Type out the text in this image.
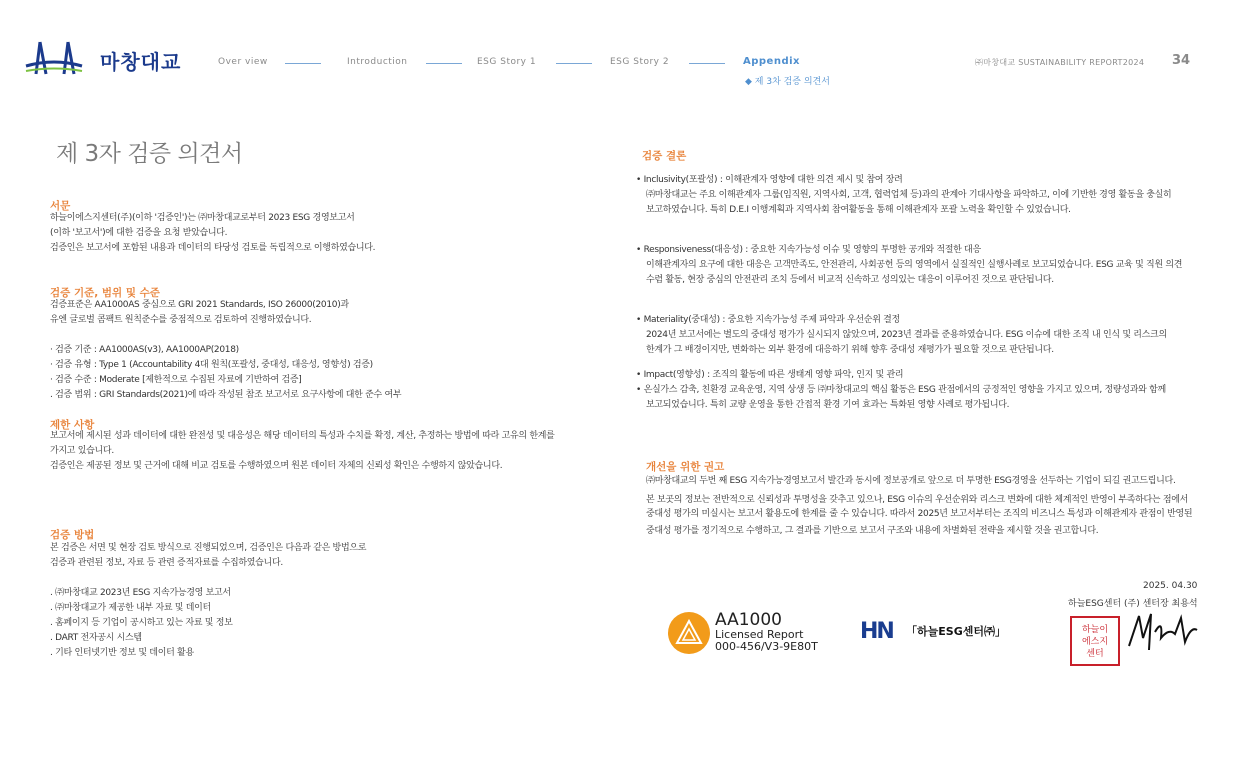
마창대교	Over view	Introduction	ESG Story 1	ESG Story 2	Appendix
◆ 제 3차 검증 의견서
㈜마창대교 SUSTAINABILITY REPORT2024 34
제 3자 검증 의견서
서문

하늘이에스지센터(주)(이하 '검증인')는 ㈜마창대교로부터 2023 ESG 경영보고서

(이하 '보고서')에 대한 검증을 요청 받았습니다.

검증인은 보고서에 포함된 내용과 데이터의 타당성 검토를 독립적으로 이행하였습니다.

검증 기준, 범위 및 수준

검증표준은 AA1000AS 중심으로 GRI 2021 Standards, ISO 26000(2010)과

유엔 글로벌 콤팩트 원칙준수를 중점적으로 검토하여 진행하였습니다.

· 검증 기준 : AA1000AS(v3), AA1000AP(2018)

· 검증 유형 : Type 1 (Accountability 4대 원칙(포괄성, 중대성, 대응성, 영향성) 검증)

· 검증 수준 : Moderate [제한적으로 수집된 자료에 기반하여 검증]

. 검증 범위 : GRI Standards(2021)에 따라 작성된 참조 보고서로 요구사항에 대한 준수 여부

제한 사항

보고서에 제시된 성과 데이터에 대한 완전성 및 대응성은 해당 데이터의 특성과 수치를 확정, 계산, 추정하는 방법에 따라 고유의 한계를

가지고 있습니다.

검증인은 제공된 정보 및 근거에 대해 비교 검토를 수행하였으며 원본 데이터 자체의 신뢰성 확인은 수행하지 않았습니다.

검증 방법

본 검증은 서면 및 현장 검토 방식으로 진행되었으며, 검증인은 다음과 같은 방법으로

검증과 관련된 정보, 자료 등 관련 증적자료를 수집하였습니다.

. ㈜마창대교 2023년 ESG 지속가능경영 보고서

. ㈜마창대교가 제공한 내부 자료 및 데이터

. 홈페이지 등 기업이 공시하고 있는 자료 및 정보

. DART 전자공시 시스템

. 기타 인터넷기반 정보 및 데이터 활용

검증 결론

• Inclusivity(포괄성) : 이해관계자 영향에 대한 의견 제시 및 참여 장려

㈜마창대교는 주요 이해관계자 그룹(임직원, 지역사회, 고객, 협력업체 등)과의 관계아 기대사항을 파악하고, 이에 기반한 경영 활동을 충실히

보고하였습니다. 특히 D.E.I 이행계획과 지역사회 참여활동을 통해 이해관계자 포괄 노력을 확인할 수 있었습니다.

• Responsiveness(대응성) : 중요한 지속가능성 이슈 및 영향의 투명한 공개와 적절한 대응

이해관계자의 요구에 대한 대응은 고객만족도, 안전관리, 사회공헌 등의 영역에서 실질적인 실행사례로 보고되었습니다. ESG 교육 및 직원 의견

수렴 활동, 현장 중심의 안전관리 조치 등에서 비교적 신속하고 성의있는 대응이 이루어진 것으로 판단됩니다.

• Materiality(중대성) : 중요한 지속가능성 주제 파악과 우선순위 결정

2024년 보고서에는 별도의 중대성 평가가 실시되지 않았으며, 2023년 결과를 준용하였습니다. ESG 이슈에 대한 조직 내 인식 및 리스크의

한계가 그 배경이지만, 변화하는 외부 환경에 대응하기 위해 향후 중대성 재평가가 필요할 것으로 판단됩니다.

• Impact(영향성) : 조직의 활동에 따른 생태계 영향 파악, 인지 및 관리

• 온실가스 감축, 친환경 교육운영, 지역 상생 등 ㈜마창대교의 핵심 활동은 ESG 관점에서의 긍정적인 영향을 가지고 있으며, 정량성과와 함께

보고되었습니다. 특히 교량 운영을 통한 간접적 환경 기여 효과는 특화된 영향 사례로 평가됩니다.

개선을 위한 권고

㈜마창대교의 두번 째 ESG 지속가능경영보고서 발간과 동시에 정보공개로 앞으로 더 투명한 ESG경영을 선두하는 기업이 되길 권고드립니다.

본 보곳의 정보는 전반적으로 신뢰성과 투명성을 갖추고 있으나, ESG 이슈의 우선순위와 리스크 변화에 대한 체계적인 반영이 부족하다는 점에서

중대성 평가의 미실시는 보고서 활용도에 한계를 줄 수 있습니다. 따라서 2025년 보고서부터는 조직의 비즈니스 특성과 이해관계자 관점이 반영된

중대성 평가를 정기적으로 수행하고, 그 결과를 기반으로 보고서 구조와 내용에 차별화된 전략을 제시할 것을 권고합니다.

2025. 04.30
하늘ESG센터 (주) 센터장 최용석
AA1000
Licensed Report
000-456/V3-9E80T
HN 「하늘ESG센터㈜」	하늘이에스지센터
